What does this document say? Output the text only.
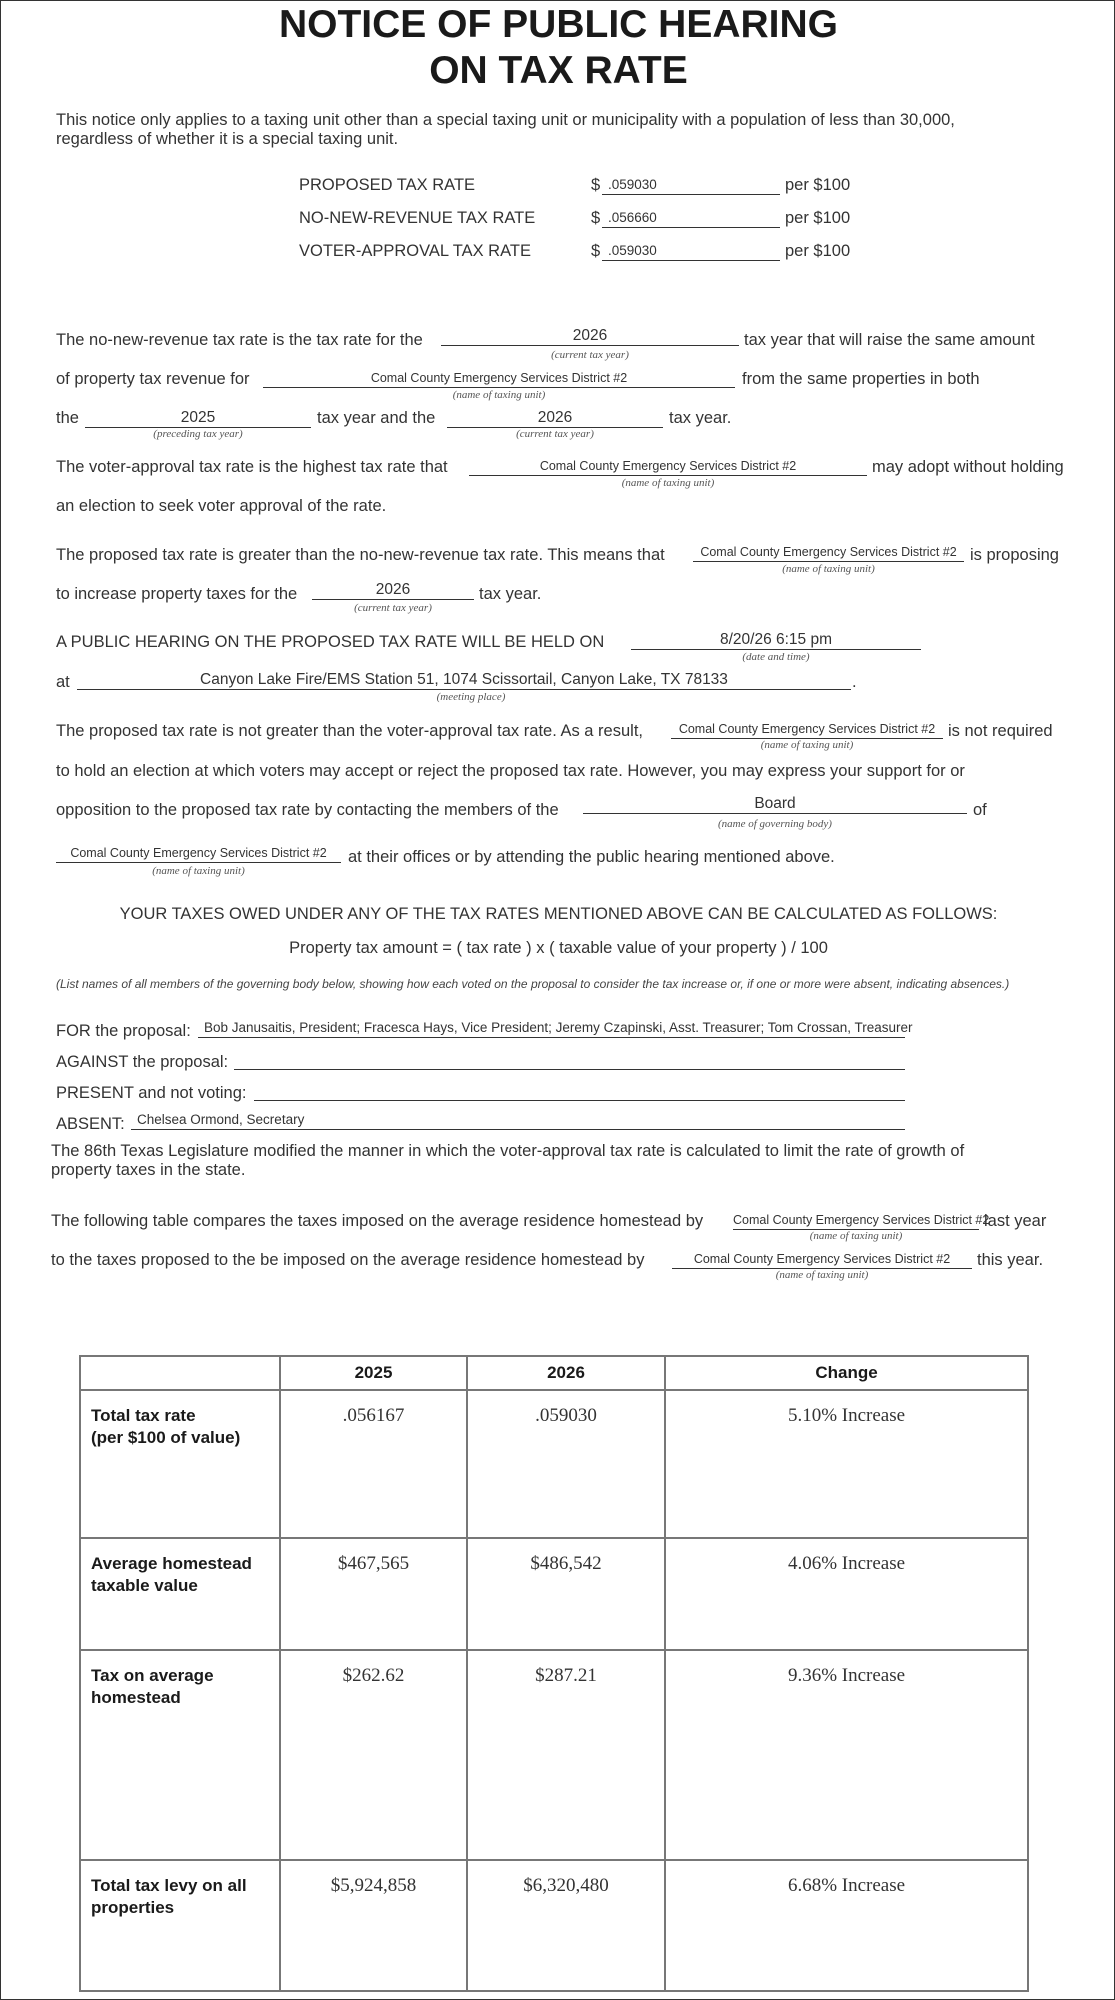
NOTICE OF PUBLIC HEARING
ON TAX RATE
This notice only applies to a taxing unit other than a special taxing unit or municipality with a population of less than 30,000, regardless of whether it is a special taxing unit.
PROPOSED TAX RATE	$ .059030	per $100
NO-NEW-REVENUE TAX RATE	$ .056660	per $100
VOTER-APPROVAL TAX RATE	$ .059030	per $100
The no-new-revenue tax rate is the tax rate for the	2026
(current tax year)
tax year that will raise the same amount
of property tax revenue for	Comal County Emergency Services District #2
(name of taxing unit)
from the same properties in both
the	2025
(preceding tax year)
tax year and the	2026
(current tax year)
tax year.
The voter-approval tax rate is the highest tax rate that	Comal County Emergency Services District #2
(name of taxing unit)
may adopt without holding
an election to seek voter approval of the rate.
The proposed tax rate is greater than the no-new-revenue tax rate. This means that	Comal County Emergency Services District #2
(name of taxing unit)
is proposing
to increase property taxes for the	2026
(current tax year)
tax year.
A PUBLIC HEARING ON THE PROPOSED TAX RATE WILL BE HELD ON	8/20/26 6:15 pm
(date and time)
at	Canyon Lake Fire/EMS Station 51, 1074 Scissortail, Canyon Lake, TX 78133
(meeting place)
.
The proposed tax rate is not greater than the voter-approval tax rate. As a result,	Comal County Emergency Services District #2
(name of taxing unit)
is not required
to hold an election at which voters may accept or reject the proposed tax rate. However, you may express your support for or
opposition to the proposed tax rate by contacting the members of the	Board
(name of governing body)
of
Comal County Emergency Services District #2
(name of taxing unit)
at their offices or by attending the public hearing mentioned above.
YOUR TAXES OWED UNDER ANY OF THE TAX RATES MENTIONED ABOVE CAN BE CALCULATED AS FOLLOWS:
Property tax amount = ( tax rate ) x ( taxable value of your property ) / 100
(List names of all members of the governing body below, showing how each voted on the proposal to consider the tax increase or, if one or more were absent, indicating absences.)
FOR the proposal: Bob Janusaitis, President; Fracesca Hays, Vice President; Jeremy Czapinski, Asst. Treasurer; Tom Crossan, Treasurer
AGAINST the proposal:
PRESENT and not voting:
ABSENT: Chelsea Ormond, Secretary
The 86th Texas Legislature modified the manner in which the voter-approval tax rate is calculated to limit the rate of growth of property taxes in the state.
The following table compares the taxes imposed on the average residence homestead by Comal County Emergency Services District #2
(name of taxing unit)
last year
to the taxes proposed to the be imposed on the average residence homestead by	Comal County Emergency Services District #2
(name of taxing unit)
this year.
	2025	2026	Change

Total tax rate
(per $100 of value)	.056167	.059030	5.10% Increase

Average homestead
taxable value	$467,565	$486,542	4.06% Increase

Tax on average
homestead	$262.62	$287.21	9.36% Increase

Total tax levy on all
properties	$5,924,858	$6,320,480	6.68% Increase
